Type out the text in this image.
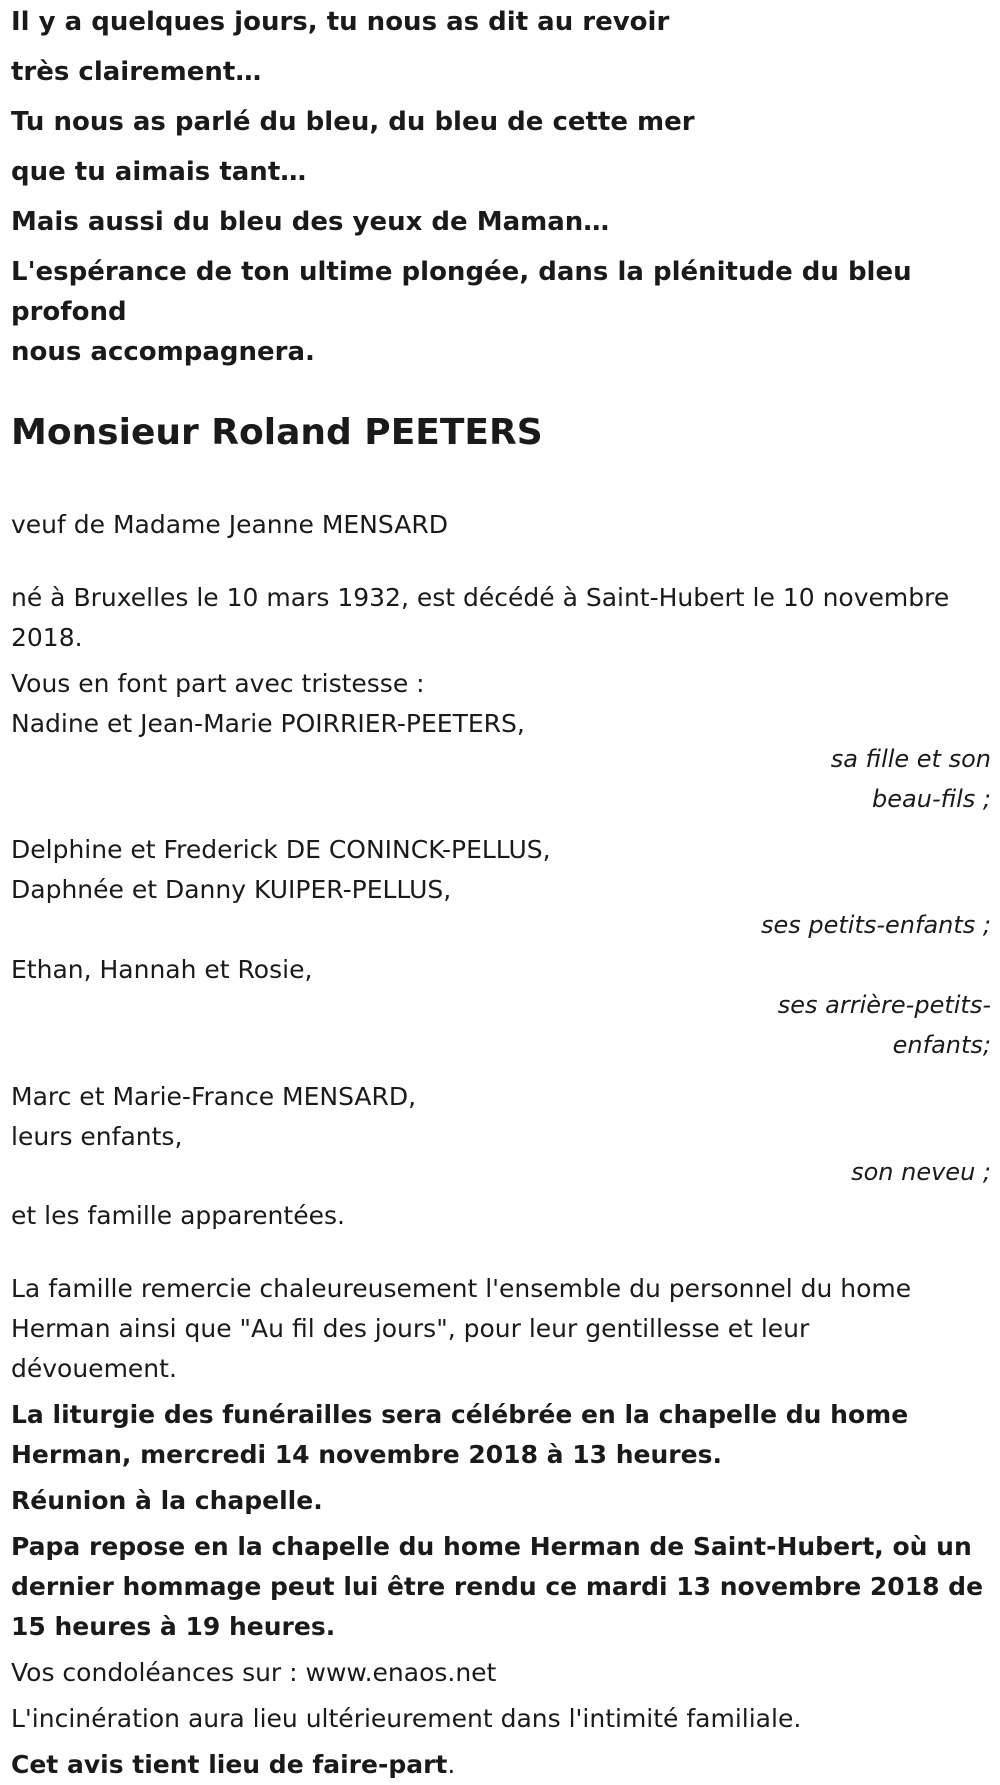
Il y a quelques jours, tu nous as dit au revoir

très clairement…

Tu nous as parlé du bleu, du bleu de cette mer

que tu aimais tant…

Mais aussi du bleu des yeux de Maman…

L'espérance de ton ultime plongée, dans la plénitude du bleu profond

nous accompagnera.

Monsieur Roland PEETERS

veuf de Madame Jeanne MENSARD

né à Bruxelles le 10 mars 1932, est décédé à Saint-Hubert le 10 novembre

2018.

Vous en font part avec tristesse :

Nadine et Jean-Marie POIRRIER-PEETERS,

sa fille et son

beau-fils ;

Delphine et Frederick DE CONINCK-PELLUS,

Daphnée et Danny KUIPER-PELLUS,

ses petits-enfants ;

Ethan, Hannah et Rosie,

ses arrière-petits-

enfants;

Marc et Marie-France MENSARD,

leurs enfants,

son neveu ;

et les famille apparentées.

La famille remercie chaleureusement l'ensemble du personnel du home

Herman ainsi que "Au fil des jours", pour leur gentillesse et leur

dévouement.

La liturgie des funérailles sera célébrée en la chapelle du home

Herman, mercredi 14 novembre 2018 à 13 heures.

Réunion à la chapelle.

Papa repose en la chapelle du home Herman de Saint-Hubert, où un

dernier hommage peut lui être rendu ce mardi 13 novembre 2018 de

15 heures à 19 heures.

Vos condoléances sur : www.enaos.net

L'incinération aura lieu ultérieurement dans l'intimité familiale.

Cet avis tient lieu de faire-part.
